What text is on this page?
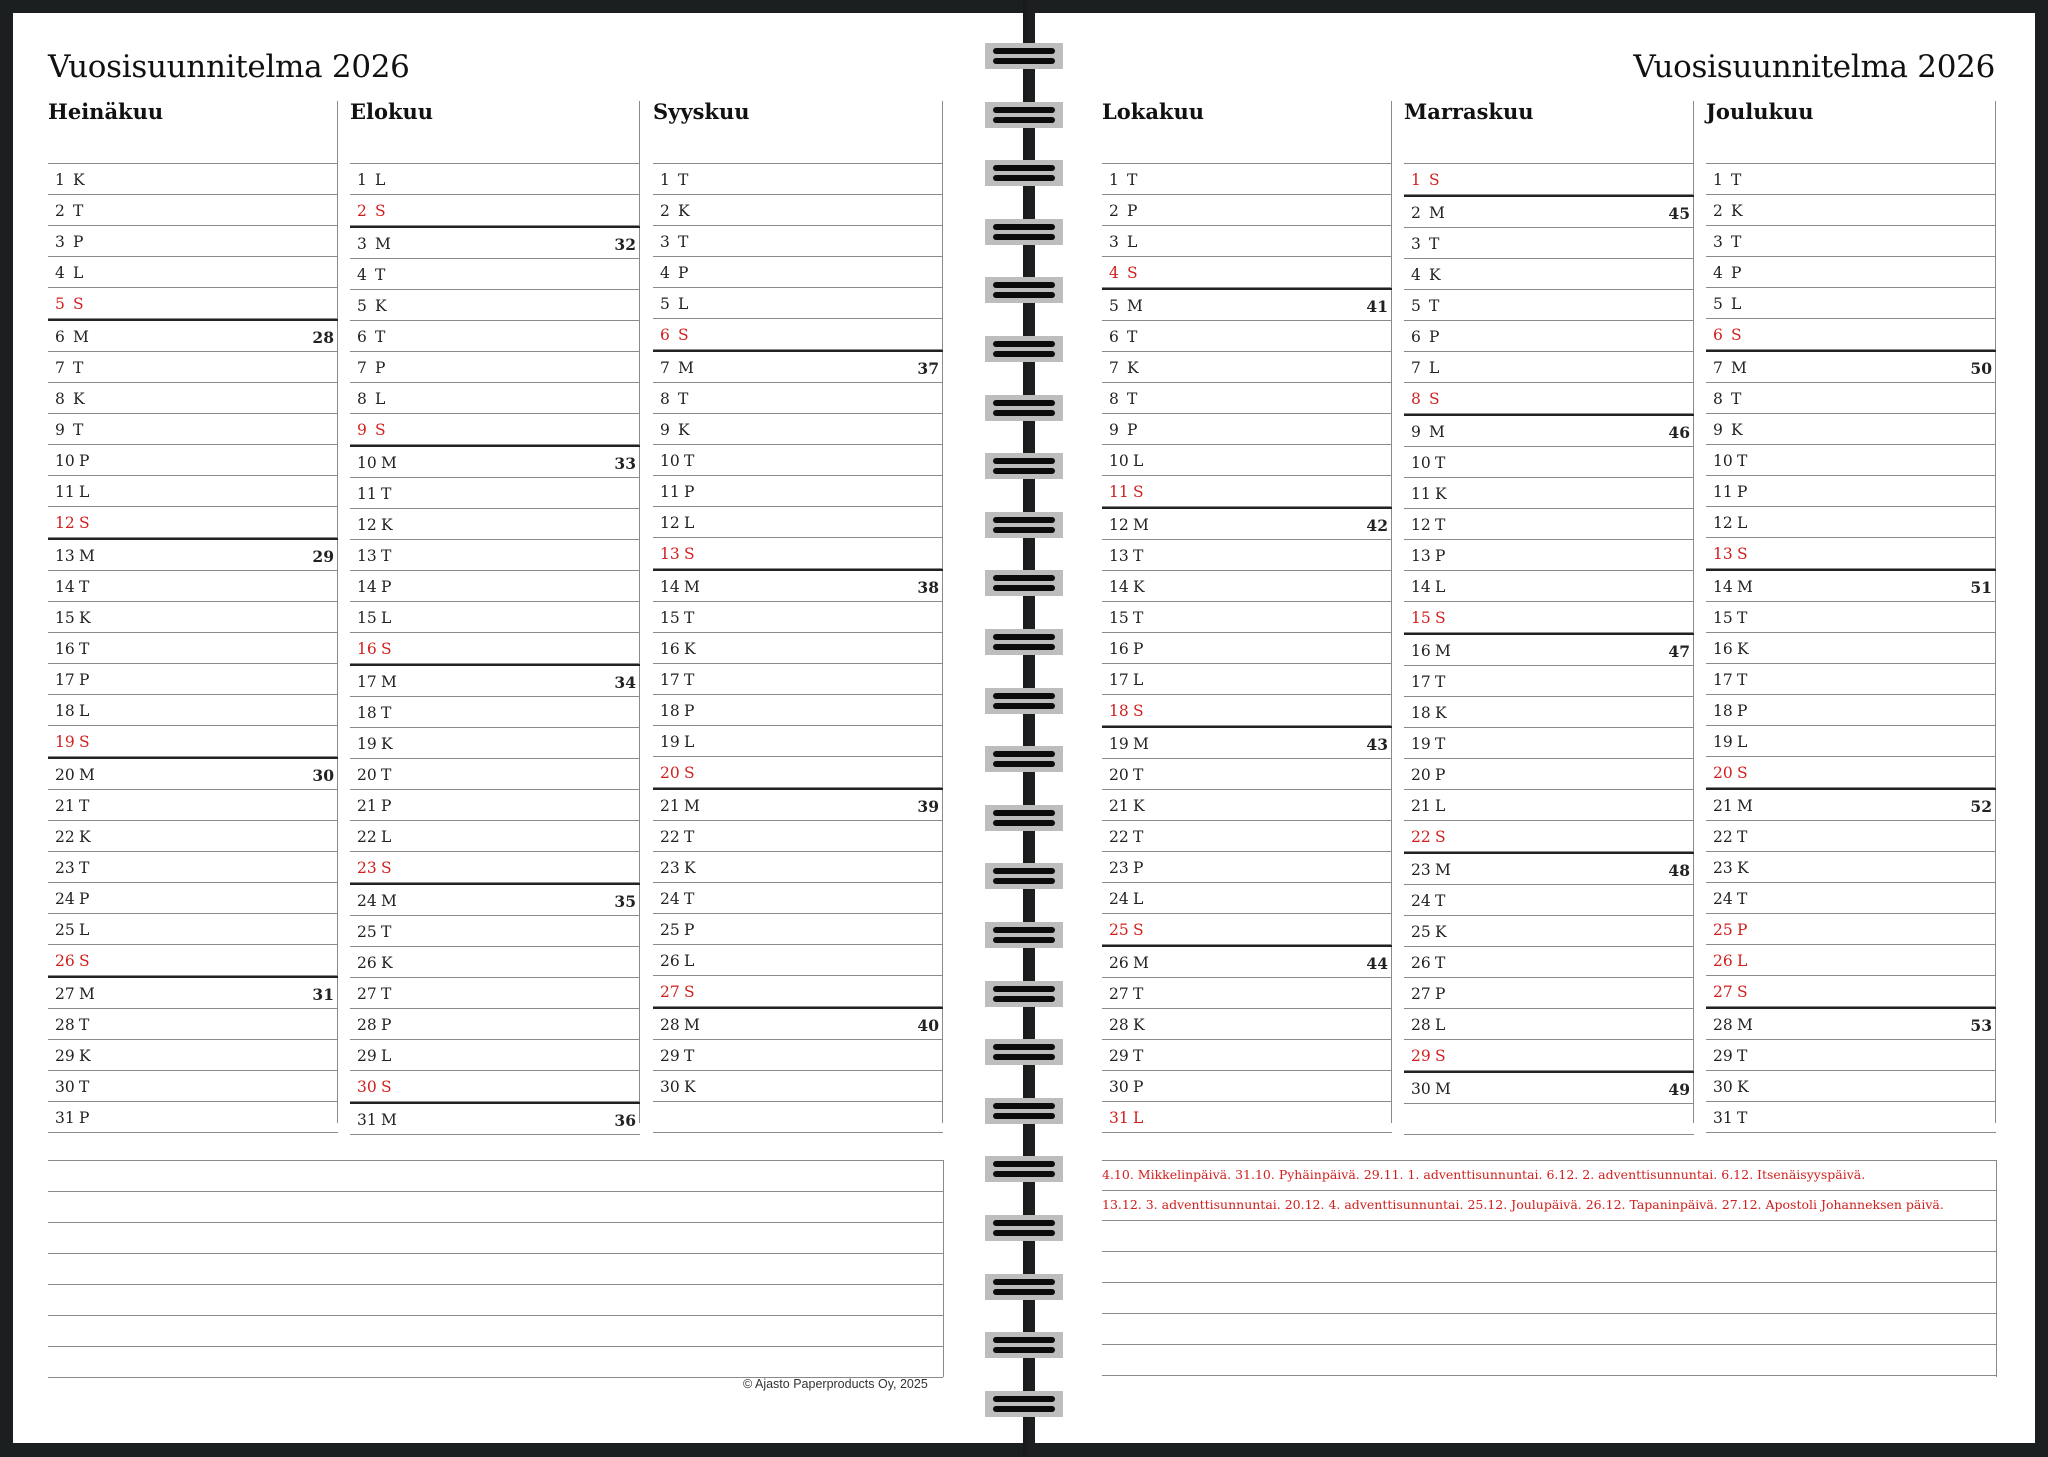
Vuosisuunnitelma 2026
Heinäkuu
1 K
2 T
3 P
4 L
5 S
6 M	28
7 T
8 K
9 T
10 P
11 L
12 S
13 M	29
14 T
15 K
16 T
17 P
18 L
19 S
20 M	30
21 T
22 K
23 T
24 P
25 L
26 S
27 M	31
28 T
29 K
30 T
31 P
Elokuu
1 L
2 S
3 M	32
4 T
5 K
6 T
7 P
8 L
9 S
10 M	33
11 T
12 K
13 T
14 P
15 L
16 S
17 M	34
18 T
19 K
20 T
21 P
22 L
23 S
24 M	35
25 T
26 K
27 T
28 P
29 L
30 S
31 M	36
Syyskuu
1 T
2 K
3 T
4 P
5 L
6 S
7 M	37
8 T
9 K
10 T
11 P
12 L
13 S
14 M	38
15 T
16 K
17 T
18 P
19 L
20 S
21 M	39
22 T
23 K
24 T
25 P
26 L
27 S
28 M	40
29 T
30 K
© Ajasto Paperproducts Oy, 2025
Vuosisuunnitelma 2026
Lokakuu
1 T
2 P
3 L
4 S
5 M	41
6 T
7 K
8 T
9 P
10 L
11 S
12 M	42
13 T
14 K
15 T
16 P
17 L
18 S
19 M	43
20 T
21 K
22 T
23 P
24 L
25 S
26 M	44
27 T
28 K
29 T
30 P
31 L
Marraskuu
1 S
2 M	45
3 T
4 K
5 T
6 P
7 L
8 S
9 M	46
10 T
11 K
12 T
13 P
14 L
15 S
16 M	47
17 T
18 K
19 T
20 P
21 L
22 S
23 M	48
24 T
25 K
26 T
27 P
28 L
29 S
30 M	49
Joulukuu
1 T
2 K
3 T
4 P
5 L
6 S
7 M	50
8 T
9 K
10 T
11 P
12 L
13 S
14 M	51
15 T
16 K
17 T
18 P
19 L
20 S
21 M	52
22 T
23 K
24 T
25 P
26 L
27 S
28 M	53
29 T
30 K
31 T
4.10. Mikkelinpäivä. 31.10. Pyhäinpäivä. 29.11. 1. adventtisunnuntai. 6.12. 2. adventtisunnuntai. 6.12. Itsenäisyyspäivä.
13.12. 3. adventtisunnuntai. 20.12. 4. adventtisunnuntai. 25.12. Joulupäivä. 26.12. Tapaninpäivä. 27.12. Apostoli Johanneksen päivä.
